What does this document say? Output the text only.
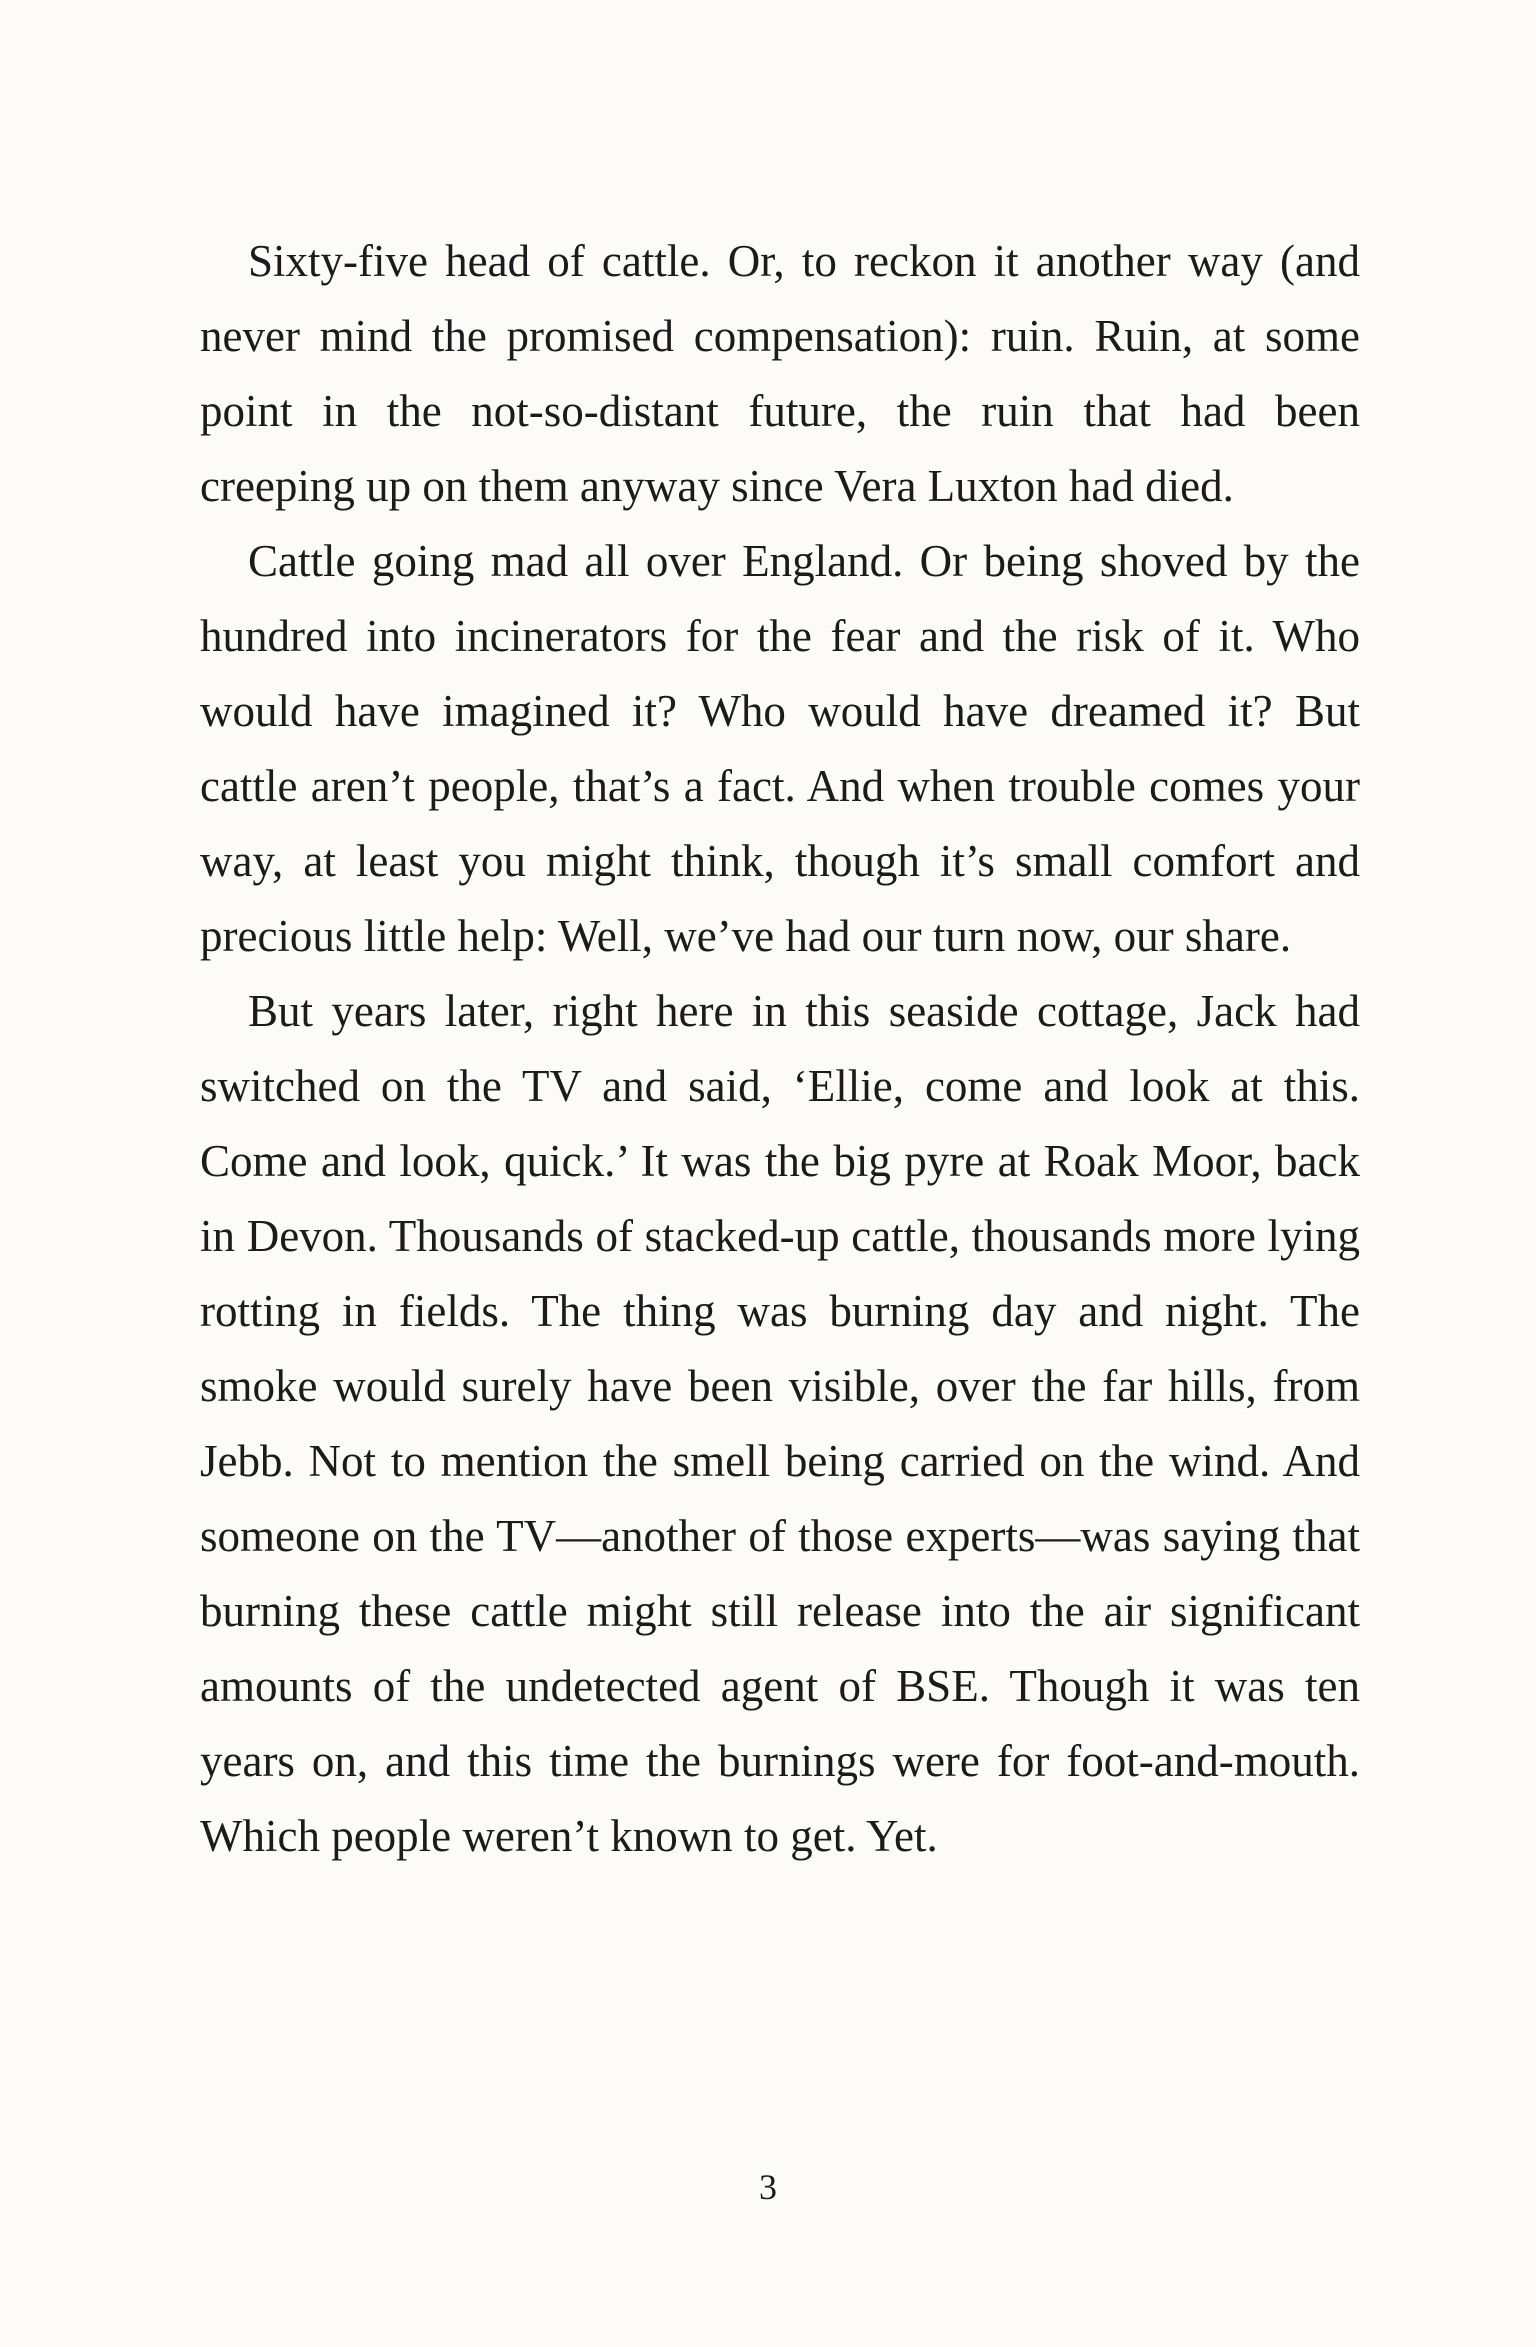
Sixty-five head of cattle. Or, to reckon it another way (and never mind the promised compensation): ruin. Ruin, at some point in the not-so-distant future, the ruin that had been creeping up on them anyway since Vera Luxton had died.

Cattle going mad all over England. Or being shoved by the hundred into incinerators for the fear and the risk of it. Who would have imagined it? Who would have dreamed it? But cattle aren’t people, that’s a fact. And when trouble comes your way, at least you might think, though it’s small comfort and precious little help: Well, we’ve had our turn now, our share.

But years later, right here in this seaside cottage, Jack had switched on the TV and said, ‘Ellie, come and look at this. Come and look, quick.’ It was the big pyre at Roak Moor, back in Devon. Thousands of stacked-up cattle, thousands more lying rotting in fields. The thing was burning day and night. The smoke would surely have been visible, over the far hills, from Jebb. Not to mention the smell being carried on the wind. And someone on the TV—another of those experts—was saying that burning these cattle might still release into the air significant amounts of the undetected agent of BSE. Though it was ten years on, and this time the burnings were for foot-and-mouth. Which people weren’t known to get. Yet.

3
